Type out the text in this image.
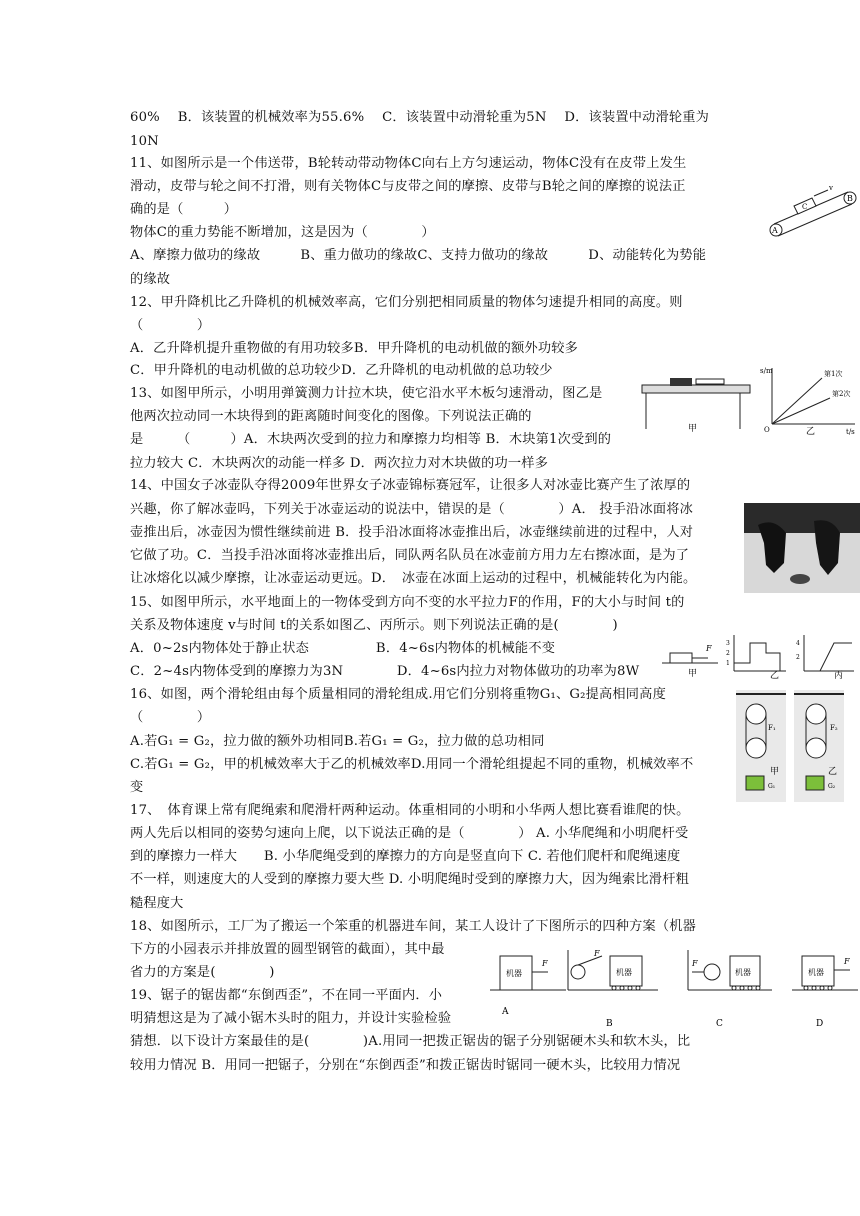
60%　 B．该装置的机械效率为55.6%　 C．该装置中动滑轮重为5N　 D．该装置中动滑轮重为
10N
11、如图所示是一个伟送带，B轮转动带动物体C向右上方匀速运动，物体C没有在皮带上发生
滑动，皮带与轮之间不打滑，则有关物体C与皮带之间的摩擦、皮带与B轮之间的摩擦的说法正
确的是（　　　）
物体C的重力势能不断增加，这是因为（　　　　）
A、摩擦力做功的缘故　　　B、重力做功的缘故C、支持力做功的缘故　　　D、动能转化为势能
的缘故
12、甲升降机比乙升降机的机械效率高，它们分别把相同质量的物体匀速提升相同的高度。则
（　　　　）
A．乙升降机提升重物做的有用功较多B．甲升降机的电动机做的额外功较多
C．甲升降机的电动机做的总功较少D．乙升降机的电动机做的总功较少
13、如图甲所示，小明用弹簧测力计拉木块，使它沿水平木板匀速滑动，图乙是
他两次拉动同一木块得到的距离随时间变化的图像。下列说法正确的
是　　　（　　　）A．木块两次受到的拉力和摩擦力均相等 B．木块第1次受到的
拉力较大 C．木块两次的动能一样多 D．两次拉力对木块做的功一样多
14、中国女子冰壶队夺得2009年世界女子冰壶锦标赛冠军，让很多人对冰壶比赛产生了浓厚的
兴趣，你了解冰壶吗，下列关于冰壶运动的说法中，错误的是（　　　　）A． 投手沿冰面将冰
壶推出后，冰壶因为惯性继续前进 B．投手沿冰面将冰壶推出后，冰壶继续前进的过程中，人对
它做了功。C．当投手沿冰面将冰壶推出后，同队两名队员在冰壶前方用力左右擦冰面，是为了
让冰熔化以减少摩擦，让冰壶运动更远。D．　冰壶在冰面上运动的过程中，机械能转化为内能。
15、如图甲所示，水平地面上的一物体受到方向不变的水平拉力F的作用，F的大小与时间 t的
关系及物体速度 v与时间 t的关系如图乙、丙所示。则下列说法正确的是(　　　　)
A．0~2s内物体处于静止状态　　　　　B．4~6s内物体的机械能不变
C．2~4s内物体受到的摩擦力为3N　　　　D．4~6s内拉力对物体做功的功率为8W
16、如图，两个滑轮组由每个质量相同的滑轮组成.用它们分别将重物G₁、G₂提高相同高度
（　　　　）
A.若G₁ = G₂，拉力做的额外功相同B.若G₁ = G₂，拉力做的总功相同
C.若G₁ = G₂，甲的机械效率大于乙的机械效率D.用同一个滑轮组提起不同的重物，机械效率不
变
17、　体育课上常有爬绳索和爬滑杆两种运动。体重相同的小明和小华两人想比赛看谁爬的快。
两人先后以相同的姿势匀速向上爬，以下说法正确的是（　　　　） A. 小华爬绳和小明爬杆受
到的摩擦力一样大　　B. 小华爬绳受到的摩擦力的方向是竖直向下 C. 若他们爬杆和爬绳速度
不一样，则速度大的人受到的摩擦力要大些 D. 小明爬绳时受到的摩擦力大，因为绳索比滑杆粗
糙程度大
18、如图所示，工厂为了搬运一个笨重的机器进车间，某工人设计了下图所示的四种方案（机器
下方的小园表示并排放置的圆型钢管的截面），其中最
省力的方案是(　　　　)
19、锯子的锯齿都“东倒西歪”，不在同一平面内．小
明猜想这是为了减小锯木头时的阻力，并设计实验检验
猜想．以下设计方案最佳的是(　　　　)A.用同一把拨正锯齿的锯子分别锯硬木头和软木头，比
较用力情况 B．用同一把锯子，分别在“东倒西歪”和拨正锯齿时锯同一硬木头，比较用力情况
A
B
C
v
甲
s/m
t/s
O
第1次
第2次
乙
F
甲
3
2
1
乙
4
2
丙
F₁	F₂
甲	乙
G₁	G₂
机器
F
A
机器
F
B
机器
F
C
机器
F
D
